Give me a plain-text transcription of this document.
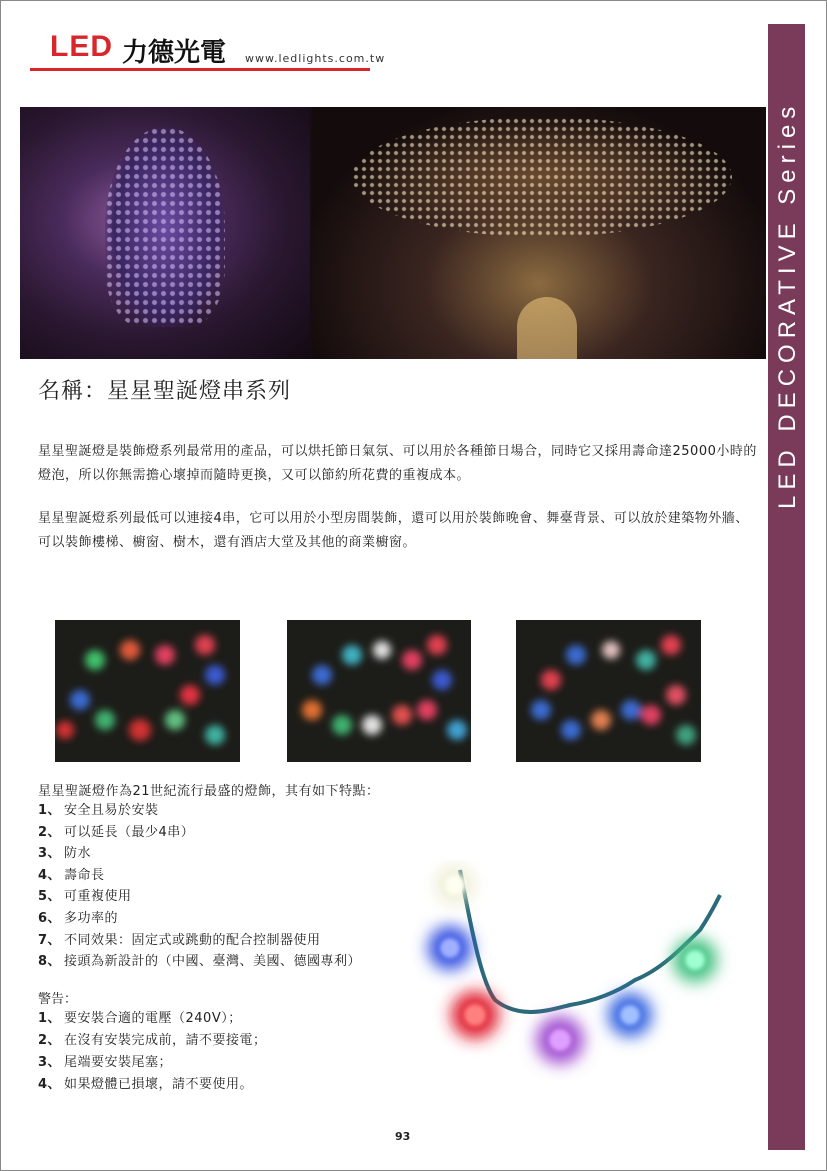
LED 力德光電 www.ledlights.com.tw
LED DECORATIVE Series
名稱：星星聖誕燈串系列
星星聖誕燈是裝飾燈系列最常用的產品，可以烘托節日氣氛、可以用於各種節日場合，同時它又採用壽命達25000小時的燈泡，所以你無需擔心壞掉而隨時更換，又可以節約所花費的重複成本。
星星聖誕燈系列最低可以連接4串，它可以用於小型房間裝飾，還可以用於裝飾晚會、舞臺背景、可以放於建築物外牆、可以裝飾樓梯、櫥窗、樹木，還有酒店大堂及其他的商業櫥窗。
星星聖誕燈作為21世紀流行最盛的燈飾，其有如下特點：
1、 安全且易於安裝
2、 可以延長（最少4串）
3、 防水
4、 壽命長
5、 可重複使用
6、 多功率的
7、 不同效果：固定式或跳動的配合控制器使用
8、 接頭為新設計的（中國、臺灣、美國、德國專利）
警告：
1、 要安裝合適的電壓（240V）；
2、 在沒有安裝完成前，請不要接電；
3、 尾端要安裝尾塞；
4、 如果燈體已損壞，請不要使用。
93
